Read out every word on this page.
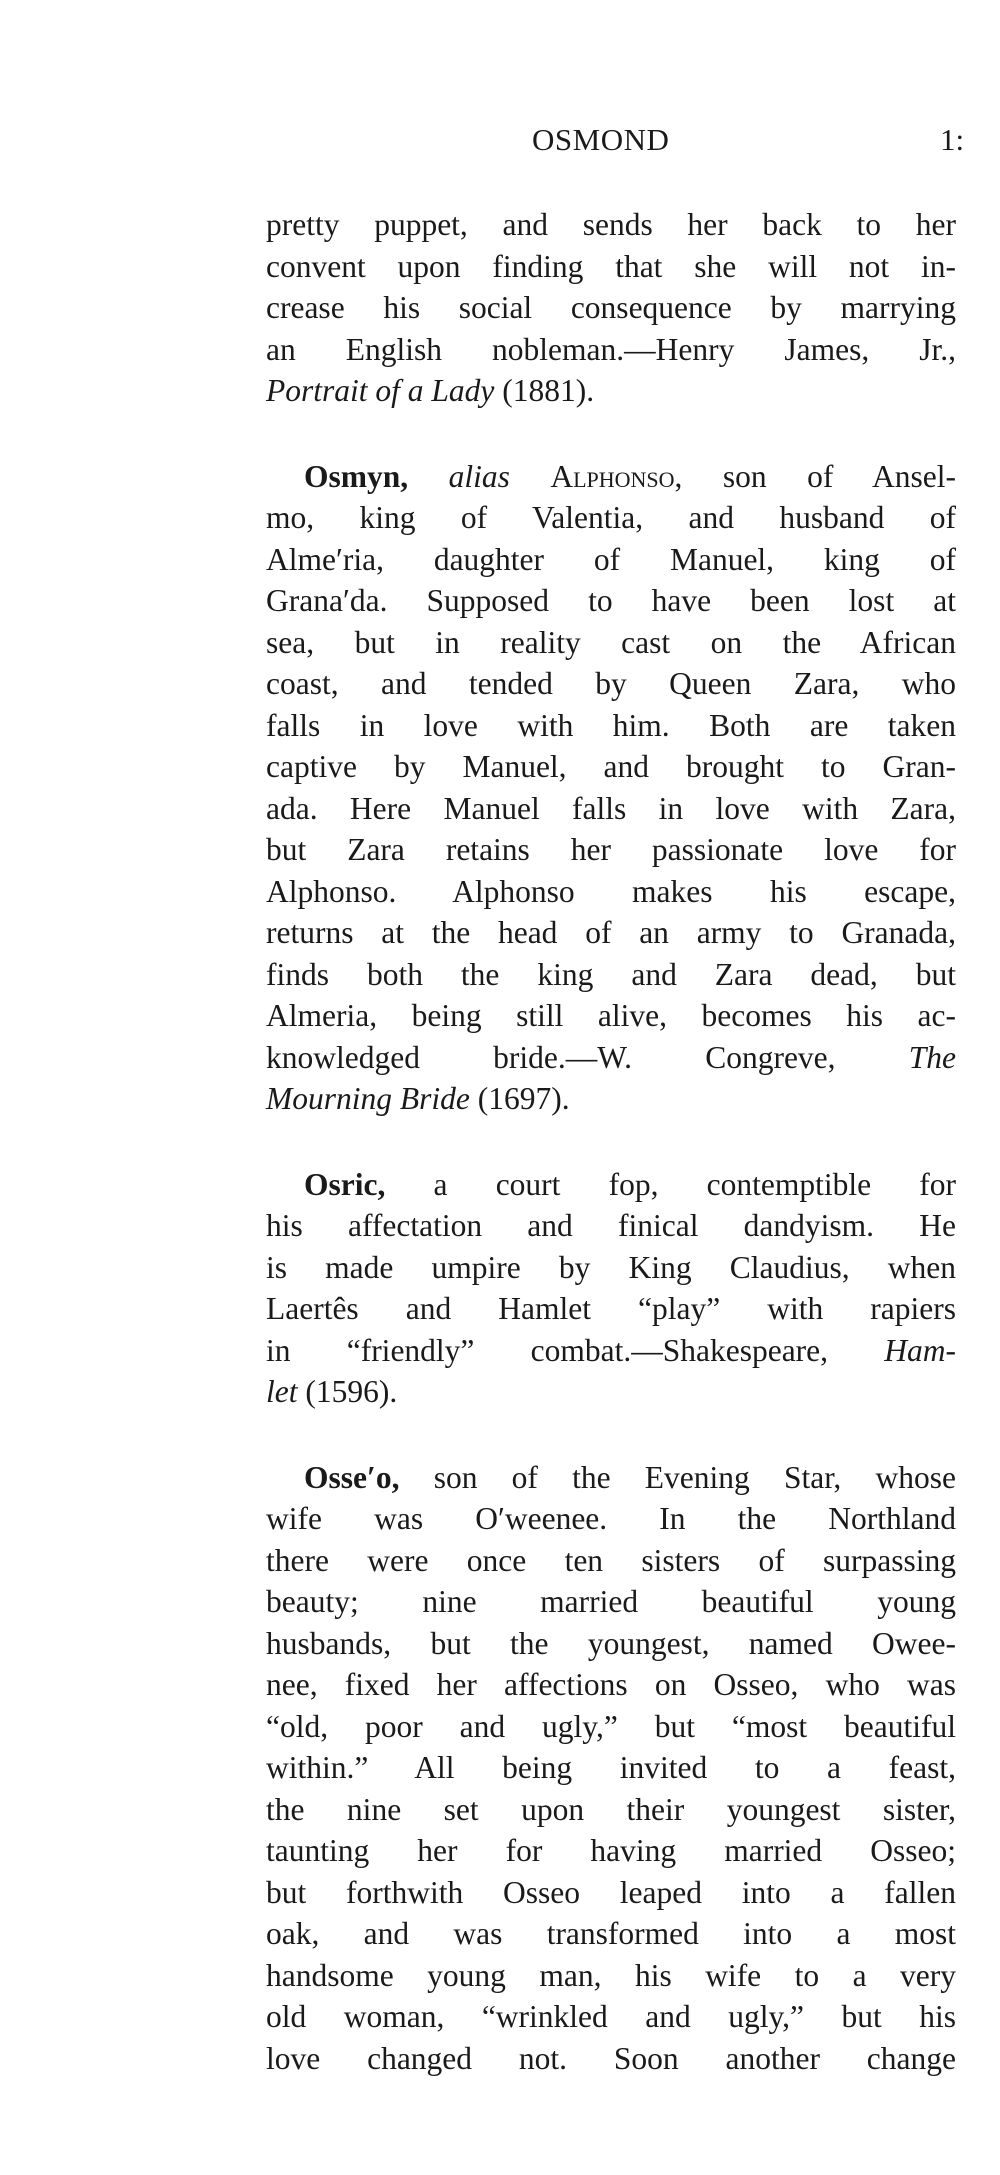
OSMOND	1:
pretty puppet, and sends her back to her
convent upon finding that she will not in-
crease his social consequence by marrying
an English nobleman.—Henry James, Jr.,
Portrait of a Lady (1881).
Osmyn, alias Alphonso, son of Ansel-
mo, king of Valentia, and husband of
Alme′ria, daughter of Manuel, king of
Grana′da. Supposed to have been lost at
sea, but in reality cast on the African
coast, and tended by Queen Zara, who
falls in love with him. Both are taken
captive by Manuel, and brought to Gran-
ada. Here Manuel falls in love with Zara,
but Zara retains her passionate love for
Alphonso. Alphonso makes his escape,
returns at the head of an army to Granada,
finds both the king and Zara dead, but
Almeria, being still alive, becomes his ac-
knowledged bride.—W. Congreve, The
Mourning Bride (1697).
Osric, a court fop, contemptible for
his affectation and finical dandyism. He
is made umpire by King Claudius, when
Laertês and Hamlet “play” with rapiers
in “friendly” combat.—Shakespeare, Ham-
let (1596).
Osse′o, son of the Evening Star, whose
wife was O′weenee. In the Northland
there were once ten sisters of surpassing
beauty; nine married beautiful young
husbands, but the youngest, named Owee-
nee, fixed her affections on Osseo, who was
“old, poor and ugly,” but “most beautiful
within.” All being invited to a feast,
the nine set upon their youngest sister,
taunting her for having married Osseo;
but forthwith Osseo leaped into a fallen
oak, and was transformed into a most
handsome young man, his wife to a very
old woman, “wrinkled and ugly,” but his
love changed not. Soon another change
